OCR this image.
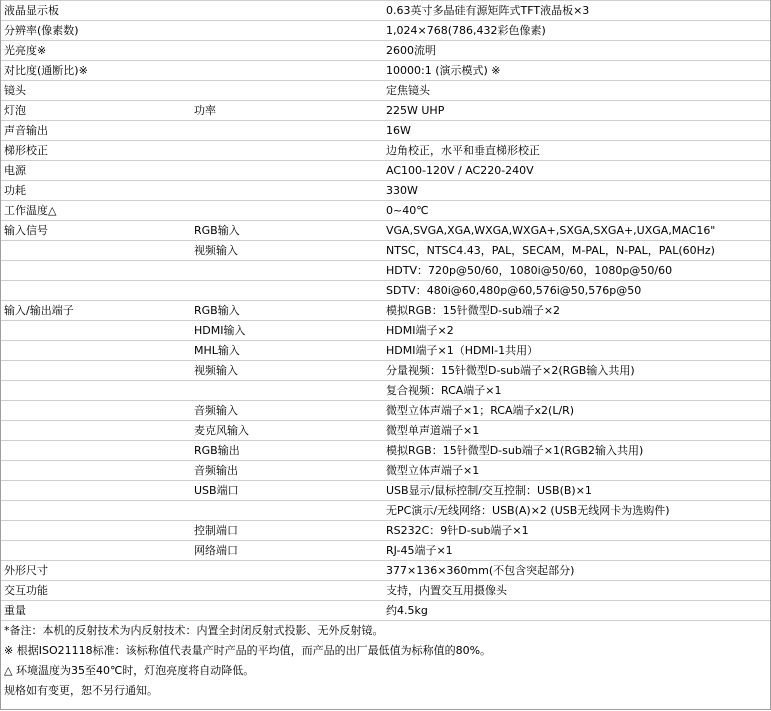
液晶显示板		0.63英寸多晶硅有源矩阵式TFT液晶板×3
分辨率(像素数)		1,024×768(786,432彩色像素)
光亮度※		2600流明
对比度(通断比)※		10000:1 (演示模式) ※
镜头		定焦镜头
灯泡	功率	225W UHP
声音输出		16W
梯形校正		边角校正，水平和垂直梯形校正
电源		AC100-120V / AC220-240V
功耗		330W
工作温度△		0~40℃
输入信号	RGB输入	VGA,SVGA,XGA,WXGA,WXGA+,SXGA,SXGA+,UXGA,MAC16"
	视频输入	NTSC，NTSC4.43，PAL，SECAM，M-PAL，N-PAL，PAL(60Hz)
		HDTV：720p@50/60，1080i@50/60，1080p@50/60
		SDTV：480i@60,480p@60,576i@50,576p@50
输入/输出端子	RGB输入	模拟RGB：15针微型D-sub端子×2
	HDMI输入	HDMI端子×2
	MHL输入	HDMI端子×1（HDMI-1共用）
	视频输入	分量视频：15针微型D-sub端子×2(RGB输入共用)
		复合视频：RCA端子×1
	音频输入	微型立体声端子×1；RCA端子x2(L/R)
	麦克风输入	微型单声道端子×1
	RGB输出	模拟RGB：15针微型D-sub端子×1(RGB2输入共用)
	音频输出	微型立体声端子×1
	USB端口	USB显示/鼠标控制/交互控制：USB(B)×1
		无PC演示/无线网络：USB(A)×2 (USB无线网卡为选购件)
	控制端口	RS232C：9针D-sub端子×1
	网络端口	RJ-45端子×1
外形尺寸		377×136×360mm(不包含突起部分)
交互功能		支持，内置交互用摄像头
重量		约4.5kg
*备注：本机的反射技术为内反射技术：内置全封闭反射式投影、无外反射镜。
※ 根据ISO21118标准：该标称值代表量产时产品的平均值，而产品的出厂最低值为标称值的80%。
△ 环境温度为35至40℃时，灯泡亮度将自动降低。
规格如有变更，恕不另行通知。
